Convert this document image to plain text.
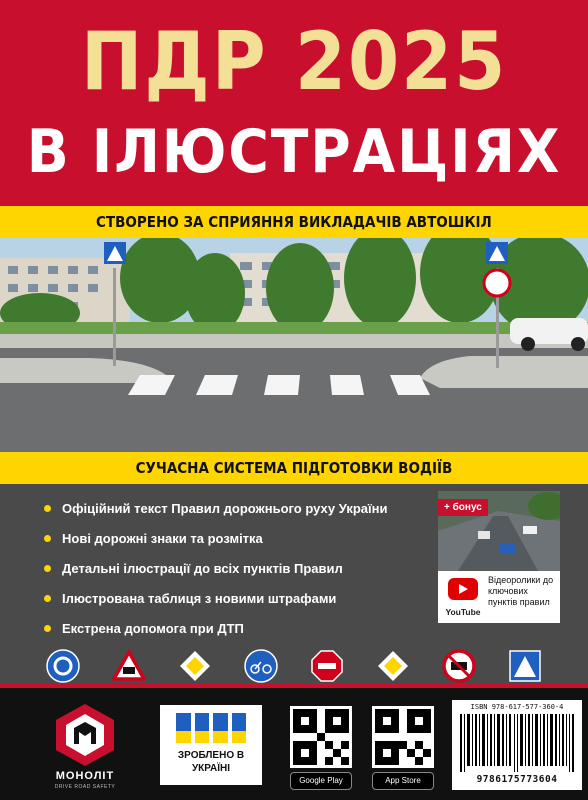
ПДР 2025
В ІЛЮСТРАЦІЯХ
СТВОРЕНО ЗА СПРИЯННЯ ВИКЛАДАЧІВ АВТОШКІЛ
СУЧАСНА СИСТЕМА ПІДГОТОВКИ ВОДІЇВ
Офіційний текст Правил дорожнього руху України
Нові дорожні знаки та розмітка
Детальні ілюстрації до всіх пунктів Правил
Ілюстрована таблиця з новими штрафами
Екстрена допомога при ДТП
+ бонус
YouTube
Відеоролики до ключових пунктів правил
МОНОЛІТ
DRIVE ROAD SAFETY
ЗРОБЛЕНО В УКРАЇНІ
Google Play	App Store
ISBN 978-617-577-360-4
9786175773604
